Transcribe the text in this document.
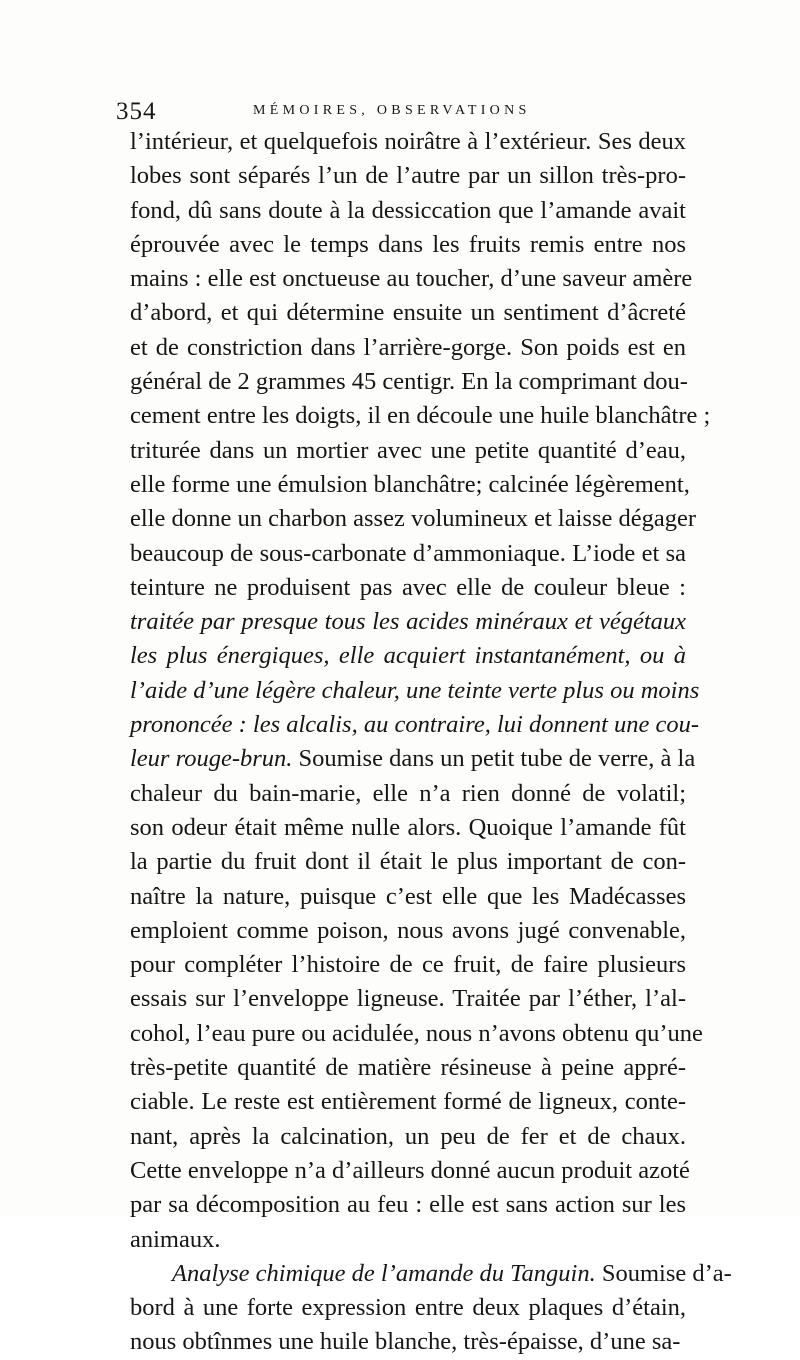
354	MÉMOIRES, OBSERVATIONS
l’intérieur, et quelquefois noirâtre à l’extérieur. Ses deux
lobes sont séparés l’un de l’autre par un sillon très-pro-
fond, dû sans doute à la dessiccation que l’amande avait
éprouvée avec le temps dans les fruits remis entre nos
mains : elle est onctueuse au toucher, d’une saveur amère
d’abord, et qui détermine ensuite un sentiment d’âcreté
et de constriction dans l’arrière-gorge. Son poids est en
général de 2 grammes 45 centigr. En la comprimant dou-
cement entre les doigts, il en découle une huile blanchâtre ;
triturée dans un mortier avec une petite quantité d’eau,
elle forme une émulsion blanchâtre; calcinée légèrement,
elle donne un charbon assez volumineux et laisse dégager
beaucoup de sous-carbonate d’ammoniaque. L’iode et sa
teinture ne produisent pas avec elle de couleur bleue :
traitée par presque tous les acides minéraux et végétaux
les plus énergiques, elle acquiert instantanément, ou à
l’aide d’une légère chaleur, une teinte verte plus ou moins
prononcée : les alcalis, au contraire, lui donnent une cou-
leur rouge-brun. Soumise dans un petit tube de verre, à la
chaleur du bain-marie, elle n’a rien donné de volatil;
son odeur était même nulle alors. Quoique l’amande fût
la partie du fruit dont il était le plus important de con-
naître la nature, puisque c’est elle que les Madécasses
emploient comme poison, nous avons jugé convenable,
pour compléter l’histoire de ce fruit, de faire plusieurs
essais sur l’enveloppe ligneuse. Traitée par l’éther, l’al-
cohol, l’eau pure ou acidulée, nous n’avons obtenu qu’une
très-petite quantité de matière résineuse à peine appré-
ciable. Le reste est entièrement formé de ligneux, conte-
nant, après la calcination, un peu de fer et de chaux.
Cette enveloppe n’a d’ailleurs donné aucun produit azoté
par sa décomposition au feu : elle est sans action sur les
animaux.
Analyse chimique de l’amande du Tanguin. Soumise d’a-
bord à une forte expression entre deux plaques d’étain,
nous obtînmes une huile blanche, très-épaisse, d’une sa-
